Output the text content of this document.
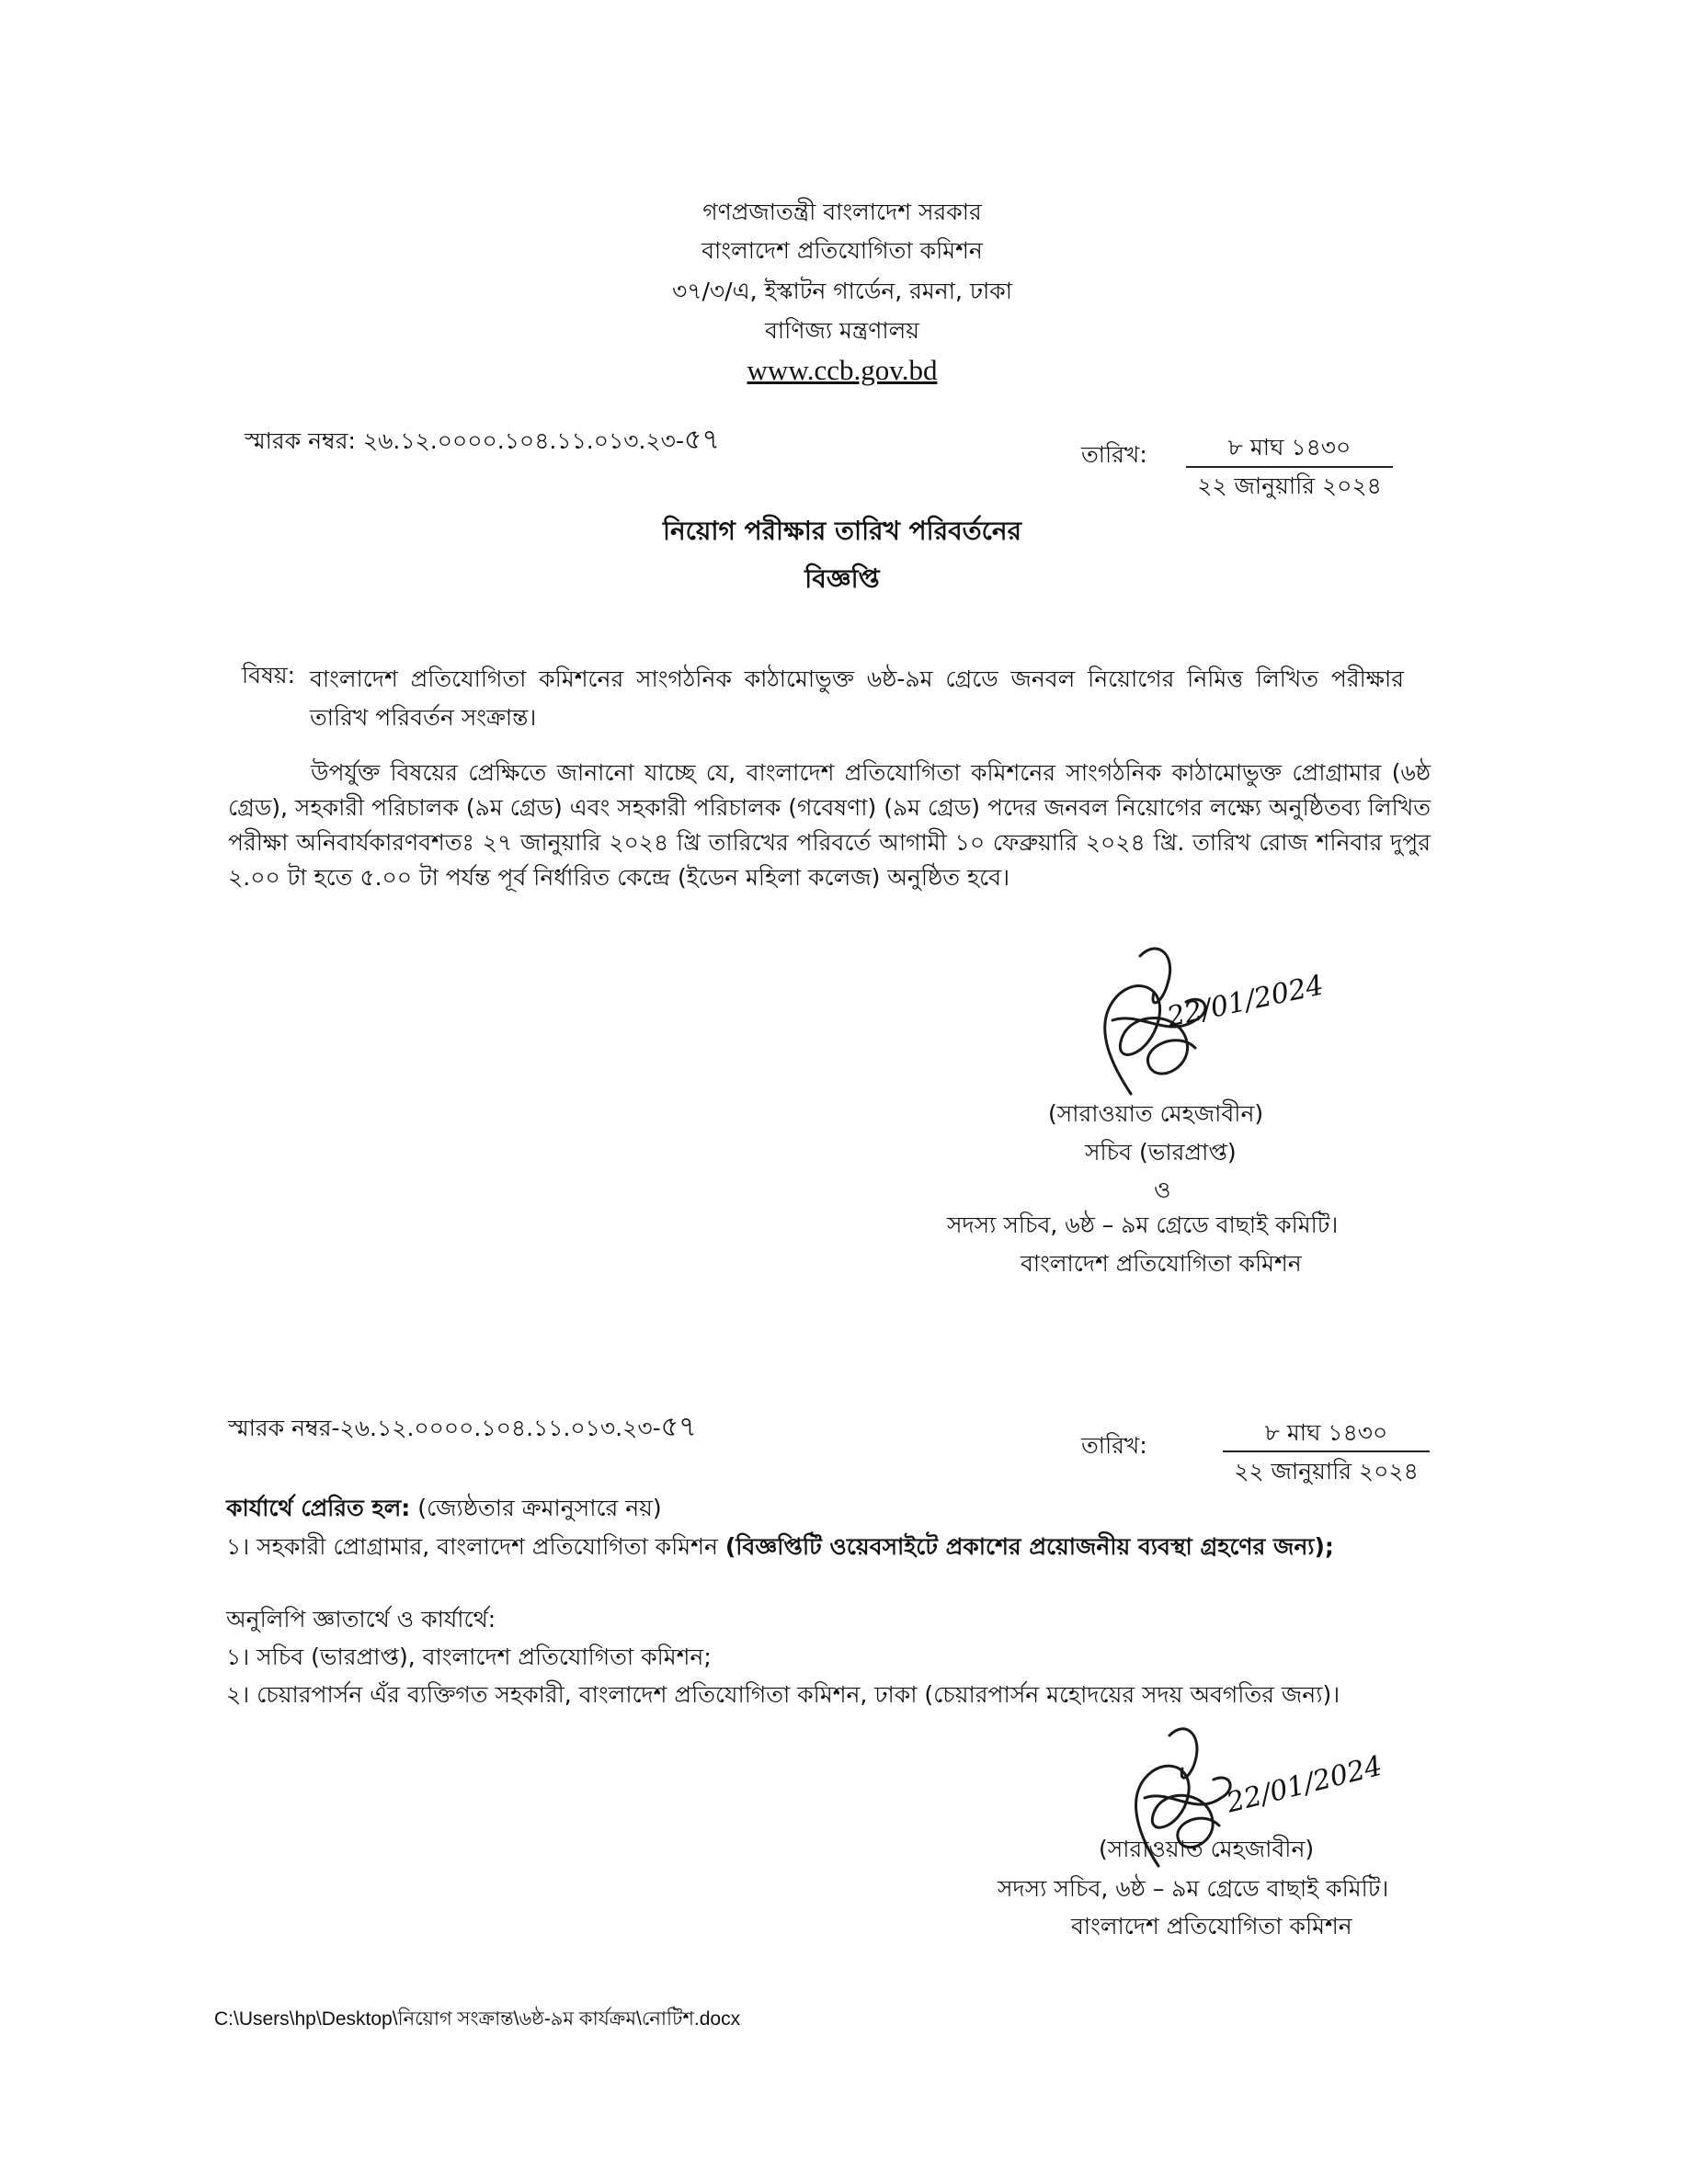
গণপ্রজাতন্ত্রী বাংলাদেশ সরকার
বাংলাদেশ প্রতিযোগিতা কমিশন
৩৭/৩/এ, ইস্কাটন গার্ডেন, রমনা, ঢাকা
বাণিজ্য মন্ত্রণালয়
www.ccb.gov.bd
স্মারক নম্বর: ২৬.১২.০০০০.১০৪.১১.০১৩.২৩-৫৭	তারিখ:	৮ মাঘ ১৪৩০
২২ জানুয়ারি ২০২৪
নিয়োগ পরীক্ষার তারিখ পরিবর্তনের
বিজ্ঞপ্তি
বিষয়: বাংলাদেশ প্রতিযোগিতা কমিশনের সাংগঠনিক কাঠামোভুক্ত ৬ষ্ঠ-৯ম গ্রেডে জনবল নিয়োগের নিমিত্ত লিখিত পরীক্ষার তারিখ পরিবর্তন সংক্রান্ত।
উপর্যুক্ত বিষয়ের প্রেক্ষিতে জানানো যাচ্ছে যে, বাংলাদেশ প্রতিযোগিতা কমিশনের সাংগঠনিক কাঠামোভুক্ত প্রোগ্রামার (৬ষ্ঠ গ্রেড), সহকারী পরিচালক (৯ম গ্রেড) এবং সহকারী পরিচালক (গবেষণা) (৯ম গ্রেড) পদের জনবল নিয়োগের লক্ষ্যে অনুষ্ঠিতব্য লিখিত পরীক্ষা অনিবার্যকারণবশতঃ ২৭ জানুয়ারি ২০২৪ খ্রি তারিখের পরিবর্তে আগামী ১০ ফেব্রুয়ারি ২০২৪ খ্রি. তারিখ রোজ শনিবার দুপুর ২.০০ টা হতে ৫.০০ টা পর্যন্ত পূর্ব নির্ধারিত কেন্দ্রে (ইডেন মহিলা কলেজ) অনুষ্ঠিত হবে।
22/01/2024
(সারাওয়াত মেহজাবীন)
সচিব (ভারপ্রাপ্ত)
ও
সদস্য সচিব, ৬ষ্ঠ – ৯ম গ্রেডে বাছাই কমিটি।
বাংলাদেশ প্রতিযোগিতা কমিশন
স্মারক নম্বর-২৬.১২.০০০০.১০৪.১১.০১৩.২৩-৫৭
তারিখ:	৮ মাঘ ১৪৩০
২২ জানুয়ারি ২০২৪
কার্যার্থে প্রেরিত হল: (জ্যেষ্ঠতার ক্রমানুসারে নয়)
১। সহকারী প্রোগ্রামার, বাংলাদেশ প্রতিযোগিতা কমিশন (বিজ্ঞপ্তিটি ওয়েবসাইটে প্রকাশের প্রয়োজনীয় ব্যবস্থা গ্রহণের জন্য);
অনুলিপি জ্ঞাতার্থে ও কার্যার্থে:
১। সচিব (ভারপ্রাপ্ত), বাংলাদেশ প্রতিযোগিতা কমিশন;
২। চেয়ারপার্সন এঁর ব্যক্তিগত সহকারী, বাংলাদেশ প্রতিযোগিতা কমিশন, ঢাকা (চেয়ারপার্সন মহোদয়ের সদয় অবগতির জন্য)।
22/01/2024
(সারাওয়াত মেহজাবীন)
সদস্য সচিব, ৬ষ্ঠ – ৯ম গ্রেডে বাছাই কমিটি।
বাংলাদেশ প্রতিযোগিতা কমিশন
C:\Users\hp\Desktop\নিয়োগ সংক্রান্ত\৬ষ্ঠ-৯ম কার্যক্রম\নোটিশ.docx
